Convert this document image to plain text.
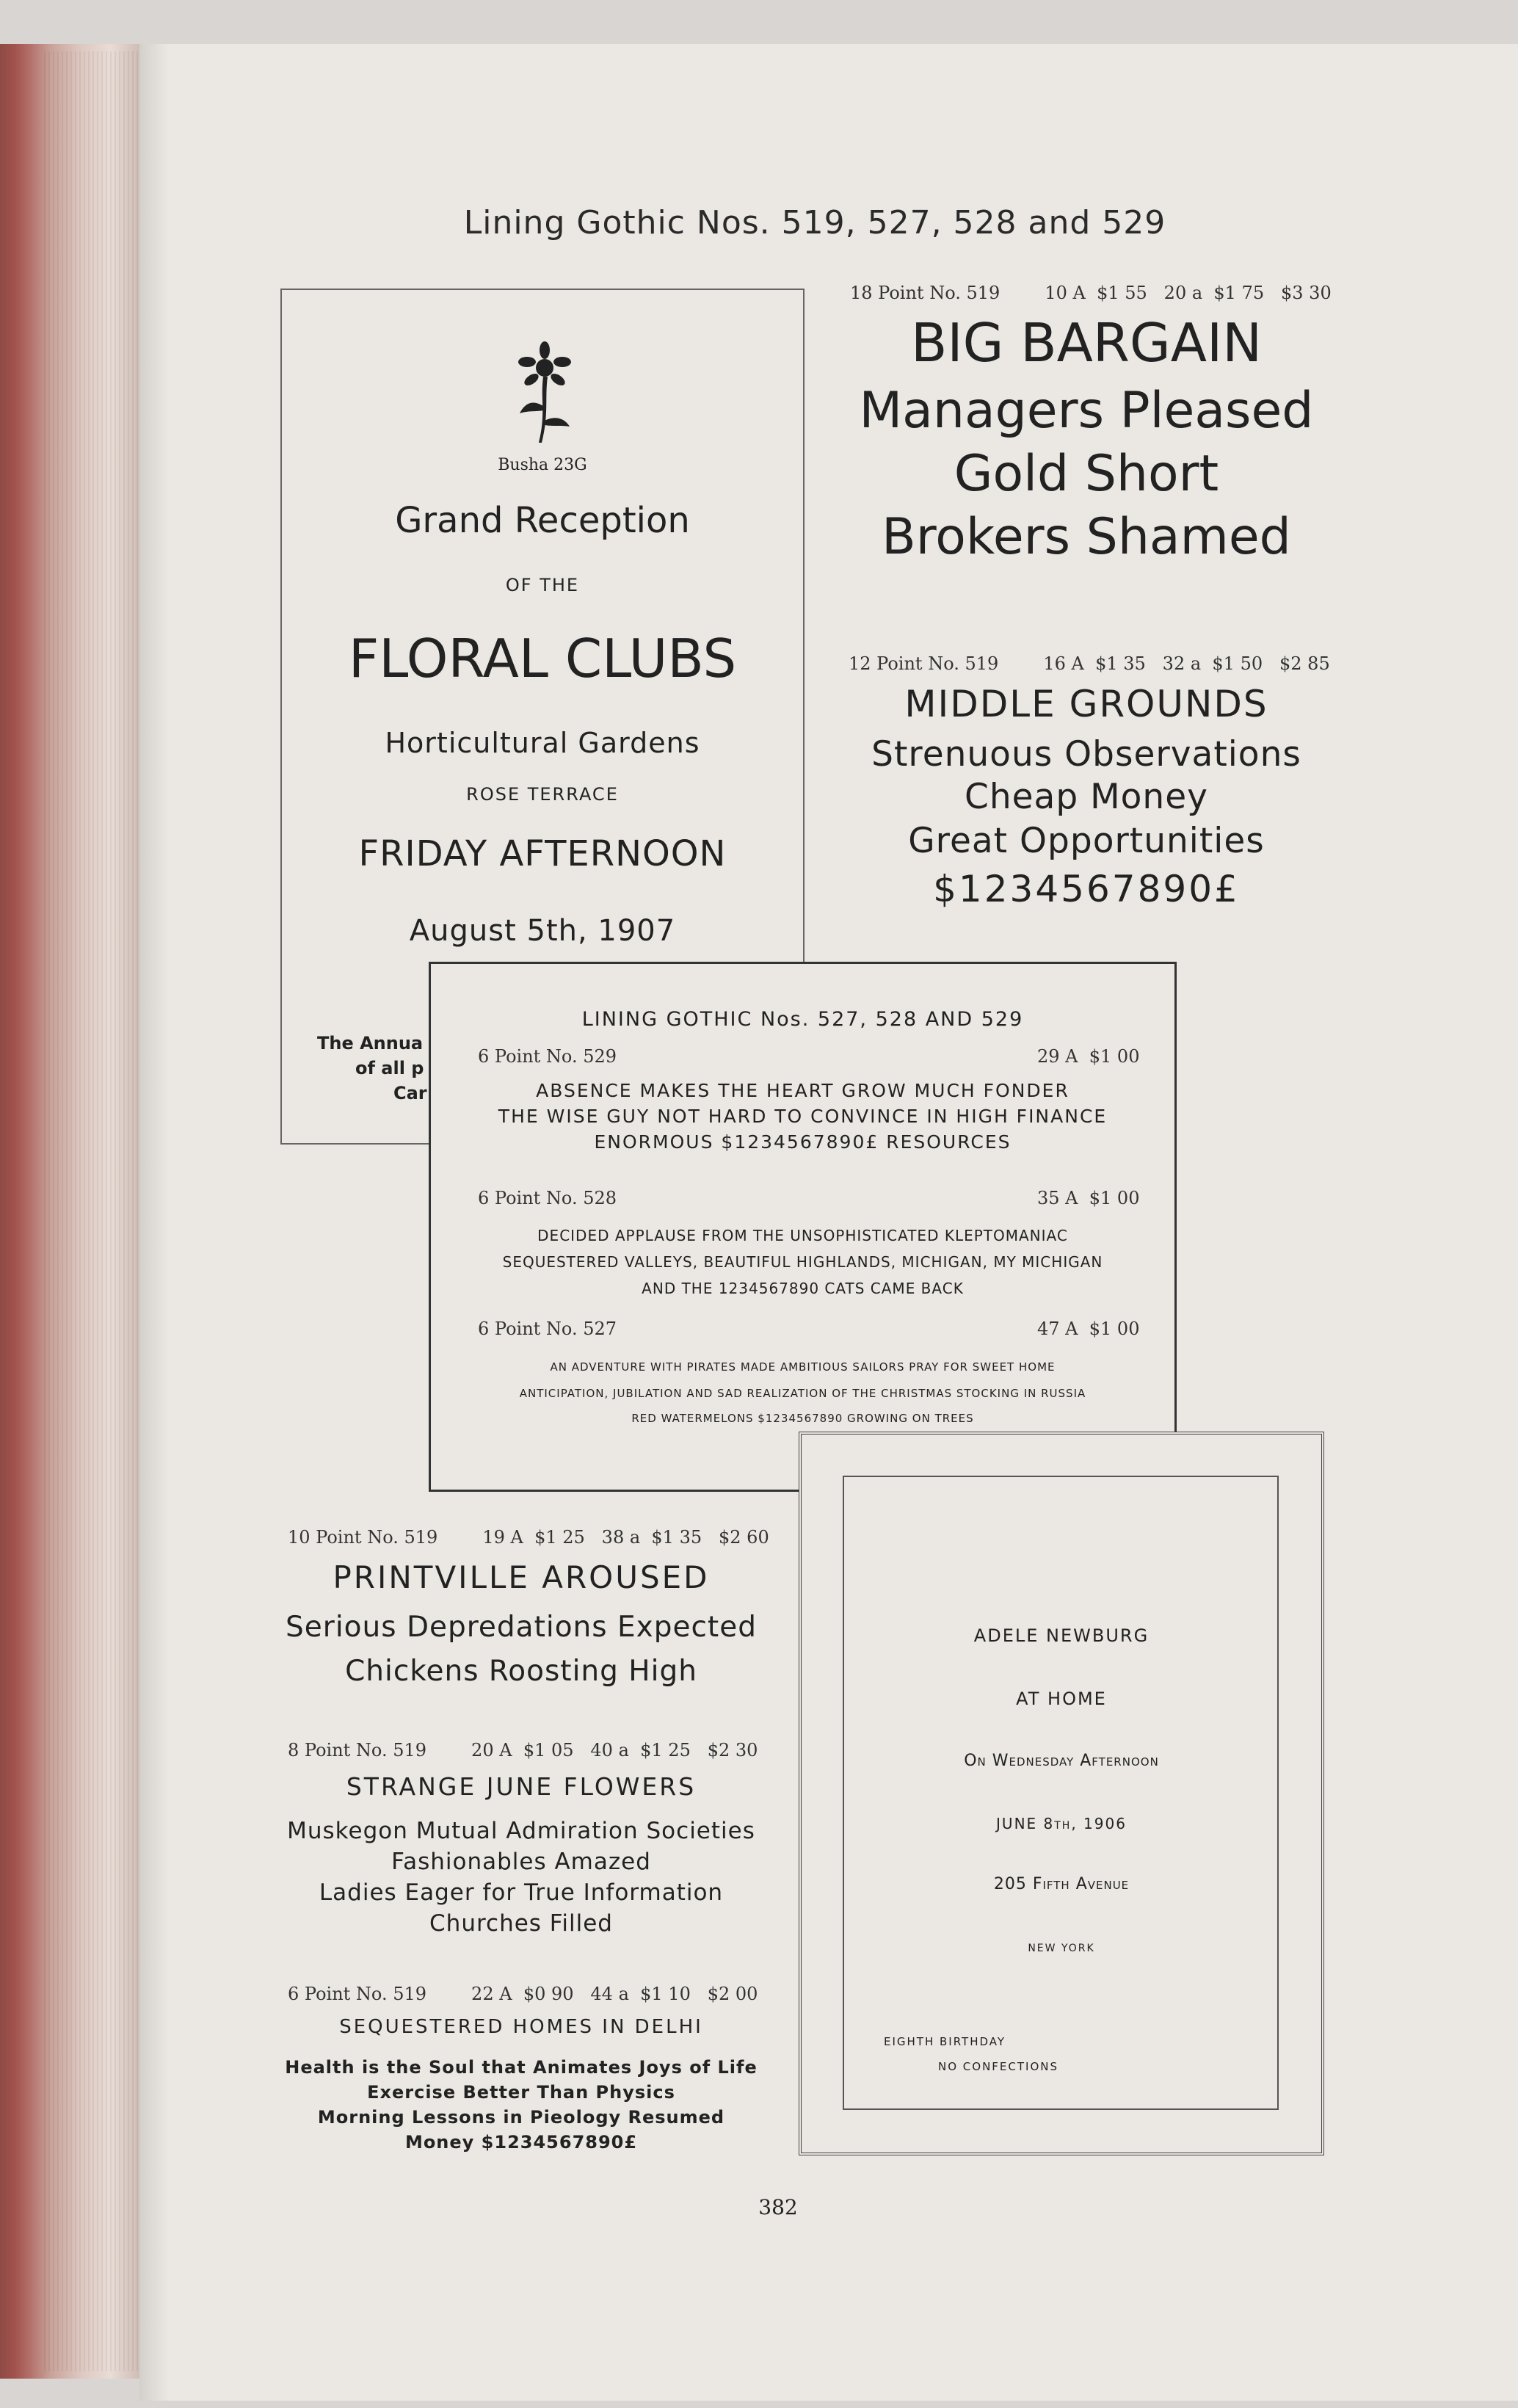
Lining Gothic Nos. 519, 527, 528 and 529
Busha 23G
Grand Reception
OF THE
FLORAL CLUBS
Horticultural Gardens
ROSE TERRACE
FRIDAY AFTERNOON
August 5th, 1907
The Annua
of all p
Car
18 Point No. 519        10 A  $1 55   20 a  $1 75   $3 30
BIG BARGAIN
Managers Pleased
Gold Short
Brokers Shamed
12 Point No. 519        16 A  $1 35   32 a  $1 50   $2 85
MIDDLE GROUNDS
Strenuous Observations
Cheap Money
Great Opportunities
$1234567890£
LINING GOTHIC Nos. 527, 528 AND 529
6 Point No. 529	29 A  $1 00
ABSENCE MAKES THE HEART GROW MUCH FONDER
THE WISE GUY NOT HARD TO CONVINCE IN HIGH FINANCE
ENORMOUS $1234567890£ RESOURCES
6 Point No. 528	35 A  $1 00
DECIDED APPLAUSE FROM THE UNSOPHISTICATED KLEPTOMANIAC
SEQUESTERED VALLEYS, BEAUTIFUL HIGHLANDS, MICHIGAN, MY MICHIGAN
AND THE 1234567890 CATS CAME BACK
6 Point No. 527	47 A  $1 00
AN ADVENTURE WITH PIRATES MADE AMBITIOUS SAILORS PRAY FOR SWEET HOME
ANTICIPATION, JUBILATION AND SAD REALIZATION OF THE CHRISTMAS STOCKING IN RUSSIA
RED WATERMELONS $1234567890 GROWING ON TREES
10 Point No. 519        19 A  $1 25   38 a  $1 35   $2 60
PRINTVILLE AROUSED
Serious Depredations Expected
Chickens Roosting High
8 Point No. 519        20 A  $1 05   40 a  $1 25   $2 30
STRANGE JUNE FLOWERS
Muskegon Mutual Admiration Societies
Fashionables Amazed
Ladies Eager for True Information
Churches Filled
6 Point No. 519        22 A  $0 90   44 a  $1 10   $2 00
SEQUESTERED HOMES IN DELHI
Health is the Soul that Animates Joys of Life
Exercise Better Than Physics
Morning Lessons in Pieology Resumed
Money $1234567890£
ADELE NEWBURG
AT HOME
On Wednesday Afternoon
JUNE 8th, 1906
205 Fifth Avenue
NEW YORK
EIGHTH BIRTHDAY
NO CONFECTIONS
382
